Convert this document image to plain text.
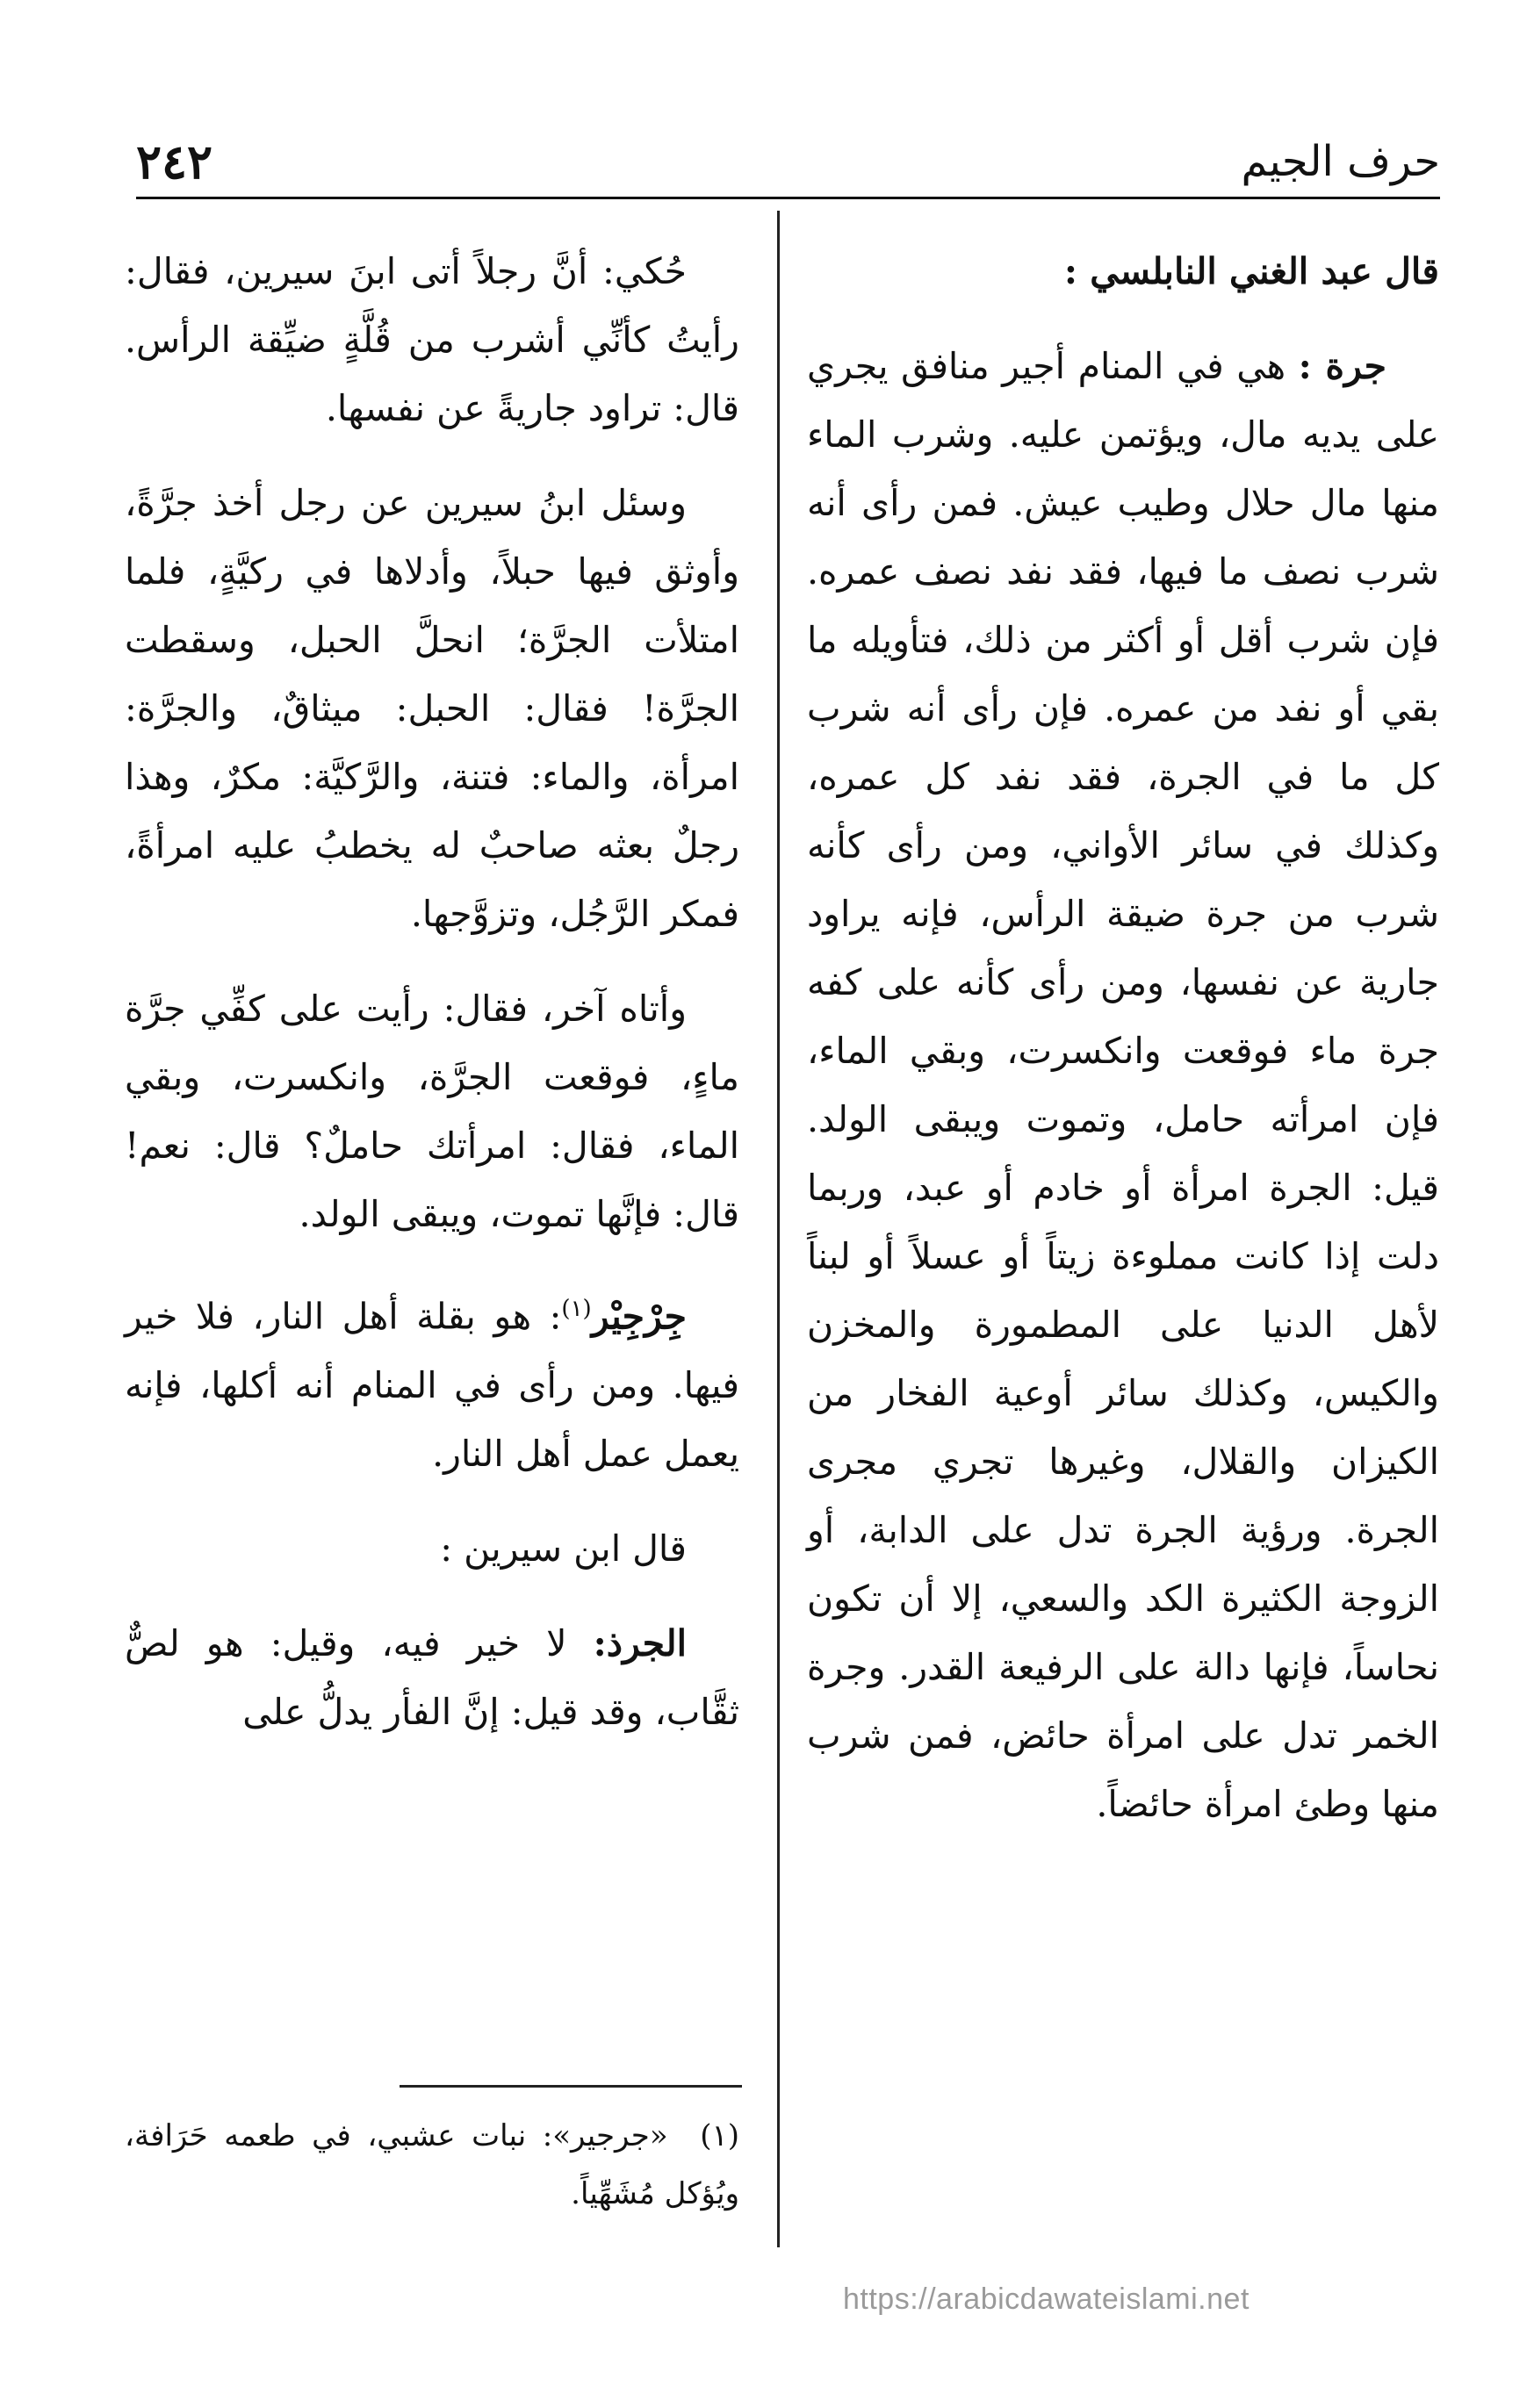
٢٤٢	حرف الجيم

قال عبد الغني النابلسي :

جرة : هي في المنام أجير منافق يجري على يديه مال، ويؤتمن عليه. وشرب الماء منها مال حلال وطيب عيش. فمن رأى أنه شرب نصف ما فيها، فقد نفد نصف عمره. فإن شرب أقل أو أكثر من ذلك، فتأويله ما بقي أو نفد من عمره. فإن رأى أنه شرب كل ما في الجرة، فقد نفد كل عمره، وكذلك في سائر الأواني، ومن رأى كأنه شرب من جرة ضيقة الرأس، فإنه يراود جارية عن نفسها، ومن رأى كأنه على كفه جرة ماء فوقعت وانكسرت، وبقي الماء، فإن امرأته حامل، وتموت ويبقى الولد. قيل: الجرة امرأة أو خادم أو عبد، وربما دلت إذا كانت مملوءة زيتاً أو عسلاً أو لبناً لأهل الدنيا على المطمورة والمخزن والكيس، وكذلك سائر أوعية الفخار من الكيزان والقلال، وغيرها تجري مجرى الجرة. ورؤية الجرة تدل على الدابة، أو الزوجة الكثيرة الكد والسعي، إلا أن تكون نحاساً، فإنها دالة على الرفيعة القدر. وجرة الخمر تدل على امرأة حائض، فمن شرب منها وطئ امرأة حائضاً.

حُكي: أنَّ رجلاً أتى ابنَ سيرين، فقال: رأيتُ كأنِّي أشرب من قُلَّةٍ ضيِّقة الرأس. قال: تراود جاريةً عن نفسها.

وسئل ابنُ سيرين عن رجل أخذ جرَّةً، وأوثق فيها حبلاً، وأدلاها في ركيَّةٍ، فلما امتلأت الجرَّة؛ انحلَّ الحبل، وسقطت الجرَّة! فقال: الحبل: ميثاقٌ، والجرَّة: امرأة، والماء: فتنة، والرَّكيَّة: مكرٌ، وهذا رجلٌ بعثه صاحبٌ له يخطبُ عليه امرأةً، فمكر الرَّجُل، وتزوَّجها.

وأتاه آخر، فقال: رأيت على كفِّي جرَّة ماءٍ، فوقعت الجرَّة، وانكسرت، وبقي الماء، فقال: امرأتك حاملٌ؟ قال: نعم! قال: فإنَّها تموت، ويبقى الولد.

جِرْجِيْر$^{(١)}$: هو بقلة أهل النار، فلا خير فيها. ومن رأى في المنام أنه أكلها، فإنه يعمل عمل أهل النار.

قال ابن سيرين :

الجرذ: لا خير فيه، وقيل: هو لصٌّ ثقَّاب، وقد قيل: إنَّ الفأر يدلُّ على

(١) «جرجير»: نبات عشبي، في طعمه حَرَافة، ويُؤكل مُشَهِّياً.
https://arabicdawateislami.net
